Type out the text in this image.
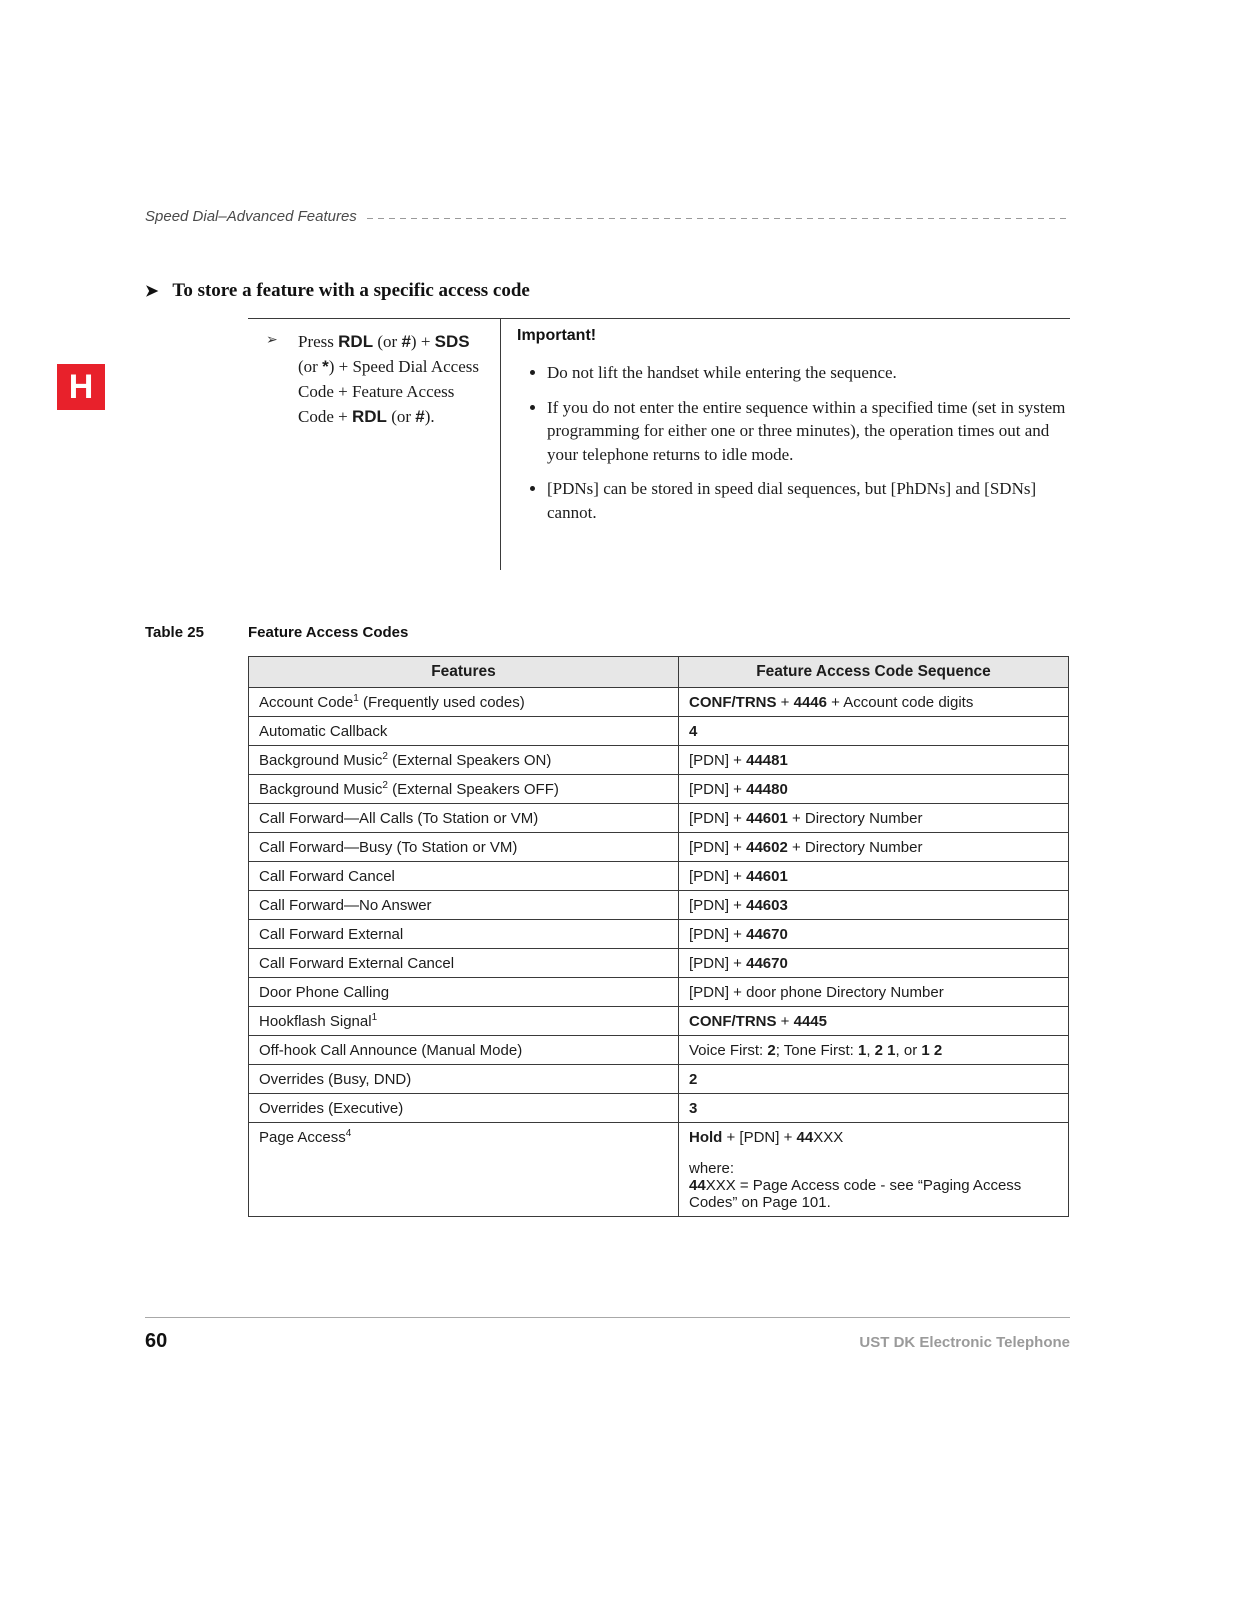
H
Speed Dial–Advanced Features
➤ To store a feature with a specific access code
➢	Press RDL (or #) + SDS (or *) + Speed Dial Access Code + Feature Access Code + RDL (or #).
Important!
• Do not lift the handset while entering the sequence.
• If you do not enter the entire sequence within a specified time (set in system programming for either one or three minutes), the operation times out and your telephone returns to idle mode.
• [PDNs] can be stored in speed dial sequences, but [PhDNs] and [SDNs] cannot.
Table 25	Feature Access Codes
Features	Feature Access Code Sequence
Account Code$^1$ (Frequently used codes)	CONF/TRNS + 4446 + Account code digits

Automatic Callback	4

Background Music$^2$ (External Speakers ON)	[PDN] + 44481

Background Music$^2$ (External Speakers OFF)	[PDN] + 44480

Call Forward—All Calls (To Station or VM)	[PDN] + 44601 + Directory Number

Call Forward—Busy (To Station or VM)	[PDN] + 44602 + Directory Number

Call Forward Cancel	[PDN] + 44601

Call Forward—No Answer	[PDN] + 44603

Call Forward External	[PDN] + 44670

Call Forward External Cancel	[PDN] + 44670

Door Phone Calling	[PDN] + door phone Directory Number

Hookflash Signal$^1$	CONF/TRNS + 4445

Off-hook Call Announce (Manual Mode)	Voice First: 2; Tone First: 1, 2 1, or 1 2

Overrides (Busy, DND)	2

Overrides (Executive)	3

Page Access$^4$	Hold + [PDN] + 44XXX
where:
44XXX = Page Access code - see “Paging Access Codes” on Page 101.
60	UST DK Electronic Telephone
